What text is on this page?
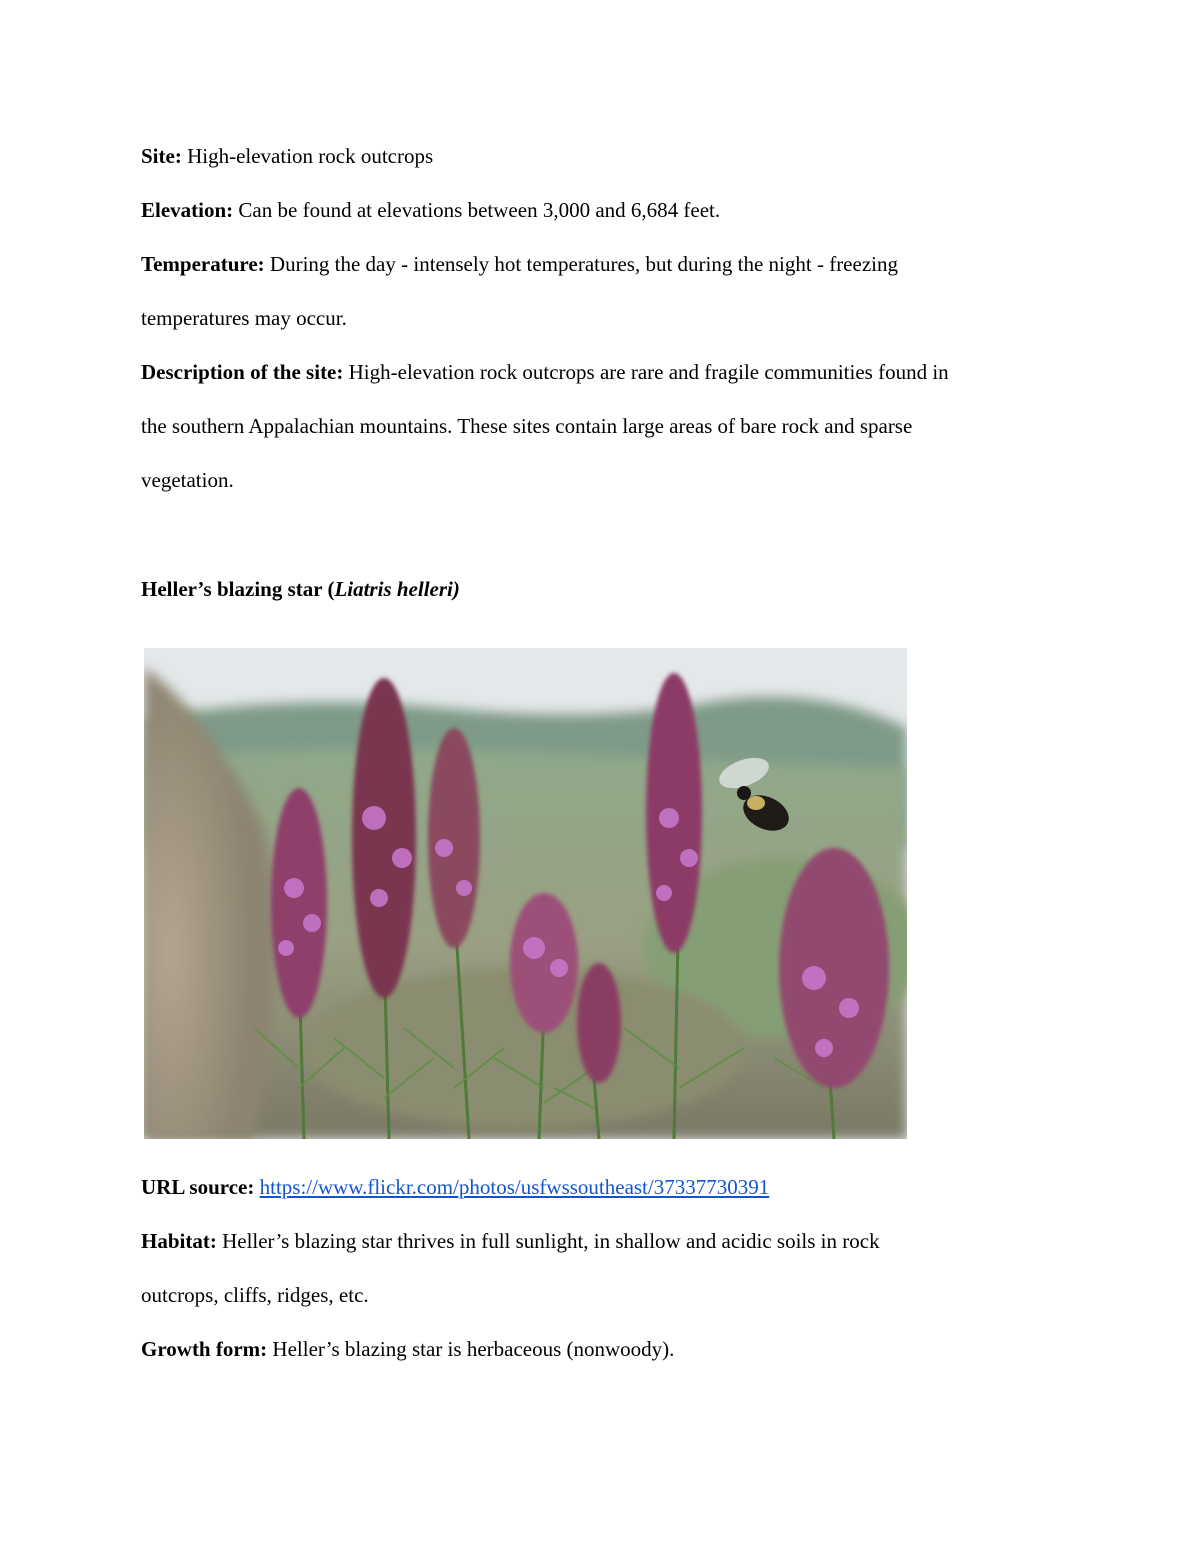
Site: High-elevation rock outcrops
Elevation: Can be found at elevations between 3,000 and 6,684 feet.
Temperature: During the day - intensely hot temperatures, but during the night - freezing
temperatures may occur.
Description of the site: High-elevation rock outcrops are rare and fragile communities found in
the southern Appalachian mountains. These sites contain large areas of bare rock and sparse
vegetation.
Heller’s blazing star (Liatris helleri)
URL source: https://www.flickr.com/photos/usfwssoutheast/37337730391
Habitat: Heller’s blazing star thrives in full sunlight, in shallow and acidic soils in rock
outcrops, cliffs, ridges, etc.
Growth form: Heller’s blazing star is herbaceous (nonwoody).
